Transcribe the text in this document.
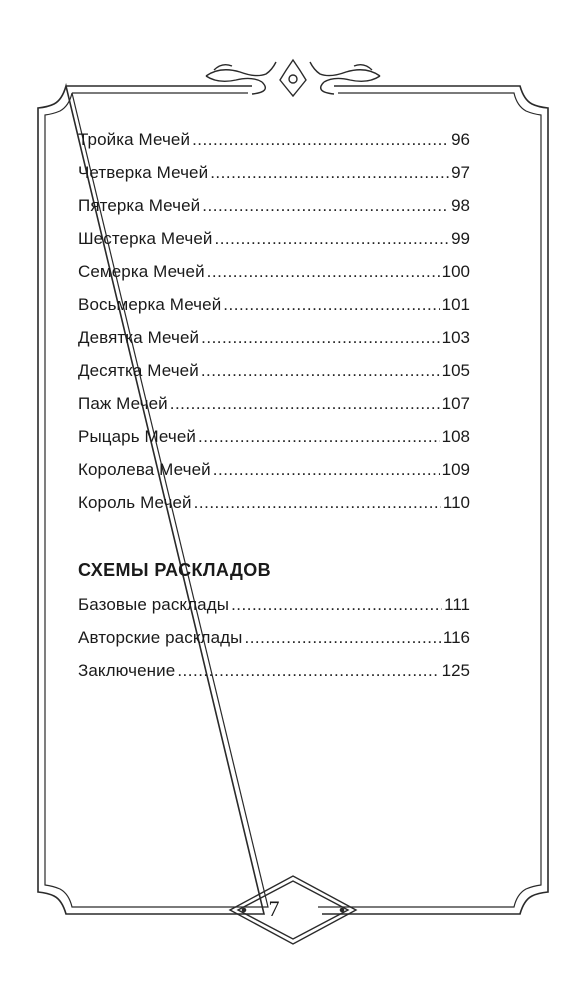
Тройка Мечей .....	96
Четверка Мечей .....	97
Пятерка Мечей .....	98
Шестерка Мечей .....	99
Семерка Мечей .....	100
Восьмерка Мечей .....	101
Девятка Мечей .....	103
Десятка Мечей .....	105
Паж Мечей .....	107
Рыцарь Мечей .....	108
Королева Мечей .....	109
Король Мечей .....	110
Базовые расклады .....	111
Авторские расклады .....	116
Заключение .....	125
СХЕМЫ РАСКЛАДОВ
7
